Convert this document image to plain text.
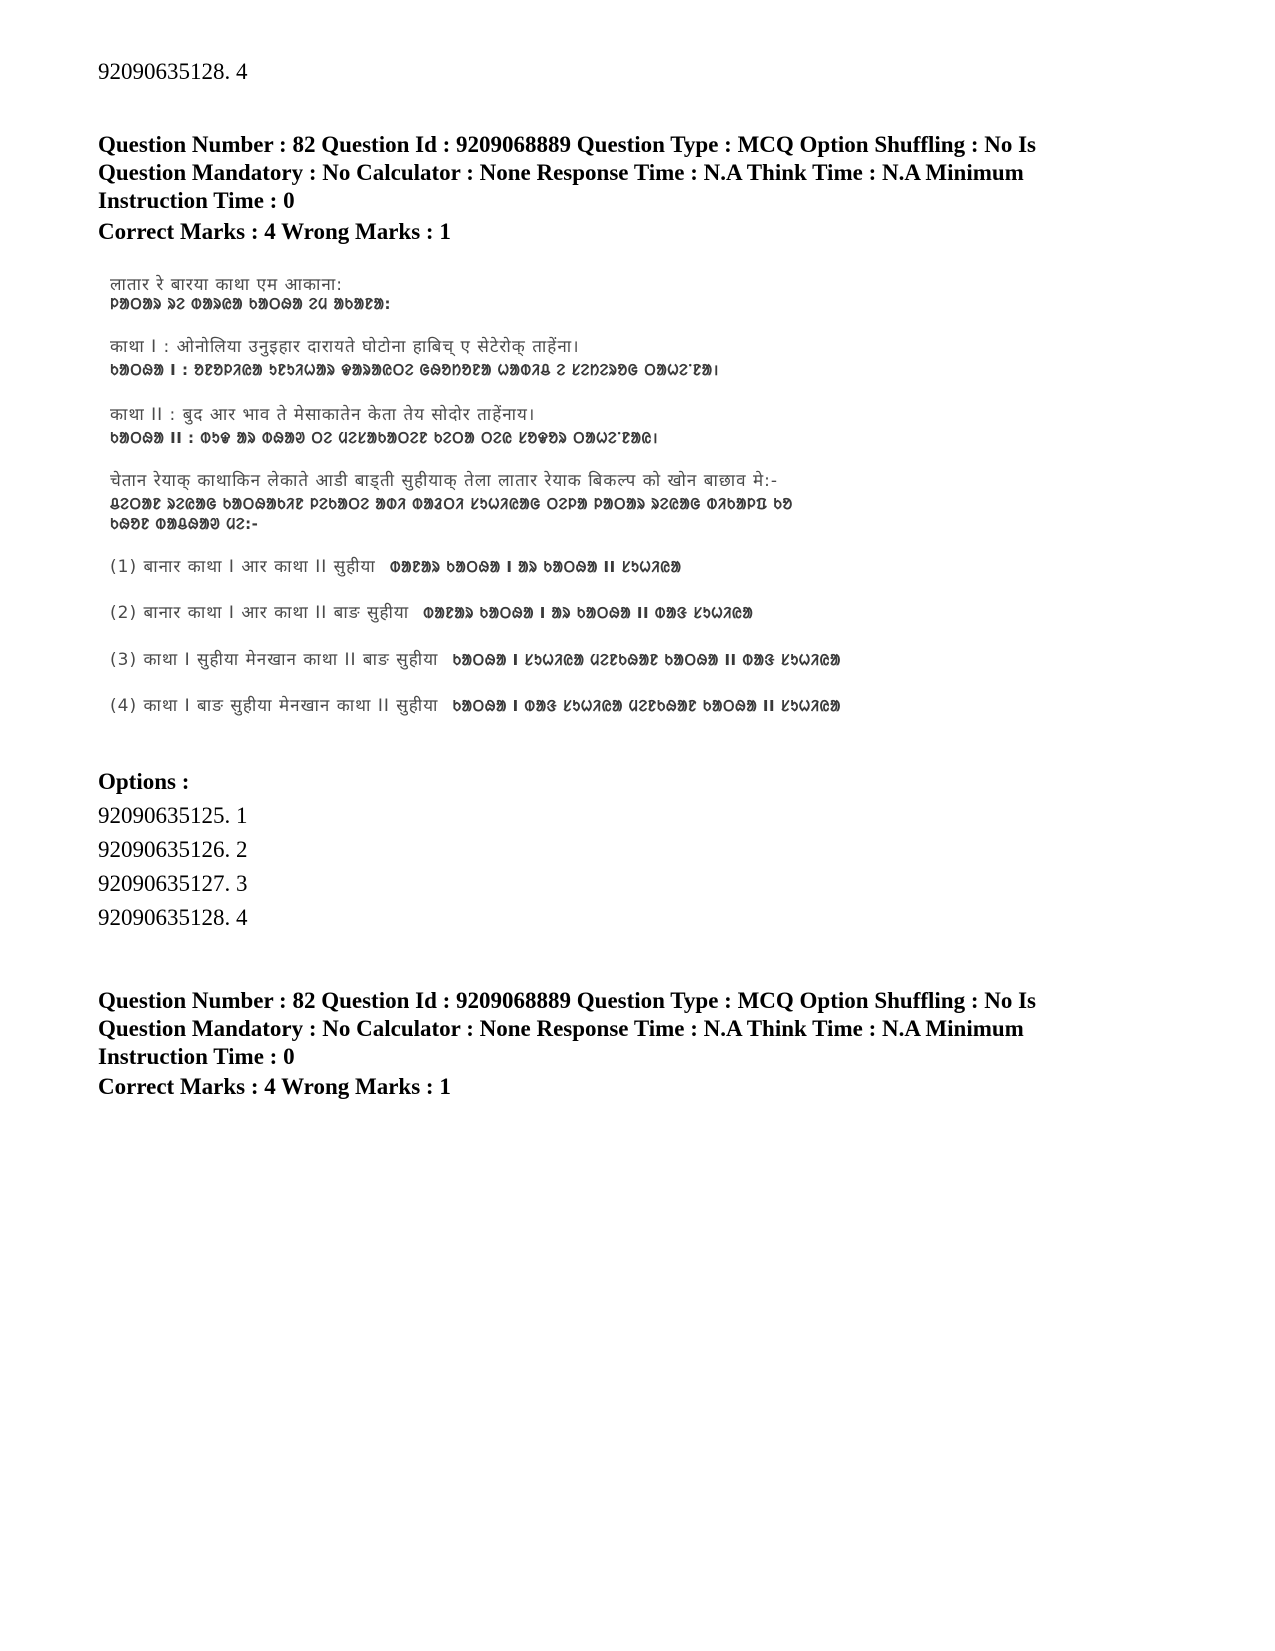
92090635128. 4

Question Number : 82 Question Id : 9209068889 Question Type : MCQ Option Shuffling : No Is
Question Mandatory : No Calculator : None Response Time : N.A Think Time : N.A Minimum
Instruction Time : 0

Correct Marks : 4 Wrong Marks : 1

लातार रे बारया काथा एम आकाना:
ᱞᱟᱛᱟᱨ ᱨᱮ ᱵᱟᱨᱭᱟ ᱠᱟᱛᱷᱟ ᱮᱢ ᱟᱠᱟᱱᱟ:
काथा I : ओनोलिया उनुइहार दारायते घोटोना हाबिच् ए सेटेरोक् ताहेंना।
ᱠᱟᱛᱷᱟ I : ᱚᱱᱚᱞᱤᱭᱟ ᱩᱱᱩᱤᱦᱟᱨ ᱫᱟᱨᱟᱭᱛᱮ ᱜᱷᱚᱴᱚᱱᱟ ᱦᱟᱵᱤᱪ ᱮ ᱥᱮᱴᱮᱨᱚᱜ ᱛᱟᱦᱮᱸᱱᱟ।
काथा II : बुद आर भाव ते मेसाकातेन केता तेय सोदोर ताहेंनाय।
ᱠᱟᱛᱷᱟ II : ᱵᱩᱫ ᱟᱨ ᱵᱷᱟᱣ ᱛᱮ ᱢᱮᱥᱟᱠᱟᱛᱮᱱ ᱠᱮᱛᱟ ᱛᱮᱭ ᱥᱚᱫᱚᱨ ᱛᱟᱦᱮᱸᱱᱟᱭ।
चेतान रेयाक् काथाकिन लेकाते आडी बाड्ती सुहीयाक् तेला लातार रेयाक बिकल्प को खोन बाछाव मे:-
ᱪᱮᱛᱟᱱ ᱨᱮᱭᱟᱜ ᱠᱟᱛᱷᱟᱠᱤᱱ ᱞᱮᱠᱟᱛᱮ ᱟᱰᱤ ᱵᱟᱲᱛᱤ ᱥᱩᱦᱤᱭᱟᱜ ᱛᱮᱞᱟ ᱞᱟᱛᱟᱨ ᱨᱮᱭᱟᱜ ᱵᱤᱠᱟᱞᱯ ᱠᱚ
ᱠᱷᱚᱱ ᱵᱟᱪᱷᱟᱣ ᱢᱮ:-
(1) बानार काथा I आर काथा II सुहीया ᱵᱟᱱᱟᱨ ᱠᱟᱛᱷᱟ I ᱟᱨ ᱠᱟᱛᱷᱟ II ᱥᱩᱦᱤᱭᱟ
(2) बानार काथा I आर काथा II बाङ सुहीया ᱵᱟᱱᱟᱨ ᱠᱟᱛᱷᱟ I ᱟᱨ ᱠᱟᱛᱷᱟ II ᱵᱟᱝ ᱥᱩᱦᱤᱭᱟ
(3) काथा I सुहीया मेनखान काथा II बाङ सुहीया ᱠᱟᱛᱷᱟ I ᱥᱩᱦᱤᱭᱟ ᱢᱮᱱᱠᱷᱟᱱ ᱠᱟᱛᱷᱟ II ᱵᱟᱝ ᱥᱩᱦᱤᱭᱟ
(4) काथा I बाङ सुहीया मेनखान काथा II सुहीया ᱠᱟᱛᱷᱟ I ᱵᱟᱝ ᱥᱩᱦᱤᱭᱟ ᱢᱮᱱᱠᱷᱟᱱ ᱠᱟᱛᱷᱟ II ᱥᱩᱦᱤᱭᱟ

Options :

92090635125. 1
92090635126. 2
92090635127. 3
92090635128. 4
Question Number : 82 Question Id : 9209068889 Question Type : MCQ Option Shuffling : No Is
Question Mandatory : No Calculator : None Response Time : N.A Think Time : N.A Minimum
Instruction Time : 0

Correct Marks : 4 Wrong Marks : 1
